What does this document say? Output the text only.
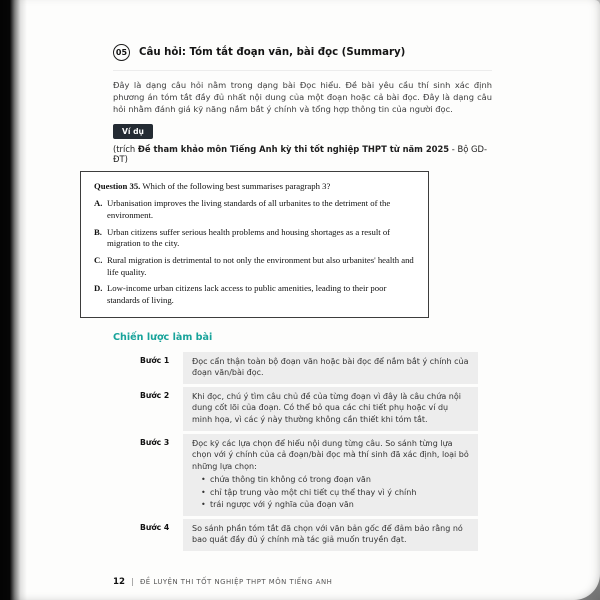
05 Câu hỏi: Tóm tắt đoạn văn, bài đọc (Summary)

Đây là dạng câu hỏi nằm trong dạng bài Đọc hiểu. Đề bài yêu cầu thí sinh xác định phương án tóm tắt đầy đủ nhất nội dung của một đoạn hoặc cả bài đọc. Đây là dạng câu hỏi nhằm đánh giá kỹ năng nắm bắt ý chính và tổng hợp thông tin của người đọc.

Ví dụ

(trích Đề tham khảo môn Tiếng Anh kỳ thi tốt nghiệp THPT từ năm 2025 - Bộ GD-ĐT)

Question 35. Which of the following best summarises paragraph 3?

A. Urbanisation improves the living standards of all urbanites to the detriment of the environment.
B. Urban citizens suffer serious health problems and housing shortages as a result of migration to the city.
C. Rural migration is detrimental to not only the environment but also urbanites' health and life quality.
D. Low-income urban citizens lack access to public amenities, leading to their poor standards of living.
Chiến lược làm bài
Bước 1	Đọc cẩn thận toàn bộ đoạn văn hoặc bài đọc để nắm bắt ý chính của đoạn văn/bài đọc.
Bước 2	Khi đọc, chú ý tìm câu chủ đề của từng đoạn vì đây là câu chứa nội dung cốt lõi của đoạn. Có thể bỏ qua các chi tiết phụ hoặc ví dụ minh họa, vì các ý này thường không cần thiết khi tóm tắt.
Bước 3	Đọc kỹ các lựa chọn để hiểu nội dung từng câu. So sánh từng lựa chọn với ý chính của cả đoạn/bài đọc mà thí sinh đã xác định, loại bỏ những lựa chọn:
• chứa thông tin không có trong đoạn văn
• chỉ tập trung vào một chi tiết cụ thể thay vì ý chính
• trái ngược với ý nghĩa của đoạn văn
Bước 4	So sánh phần tóm tắt đã chọn với văn bản gốc để đảm bảo rằng nó bao quát đầy đủ ý chính mà tác giả muốn truyền đạt.
12 ĐỀ LUYỆN THI TỐT NGHIỆP THPT MÔN TIẾNG ANH
